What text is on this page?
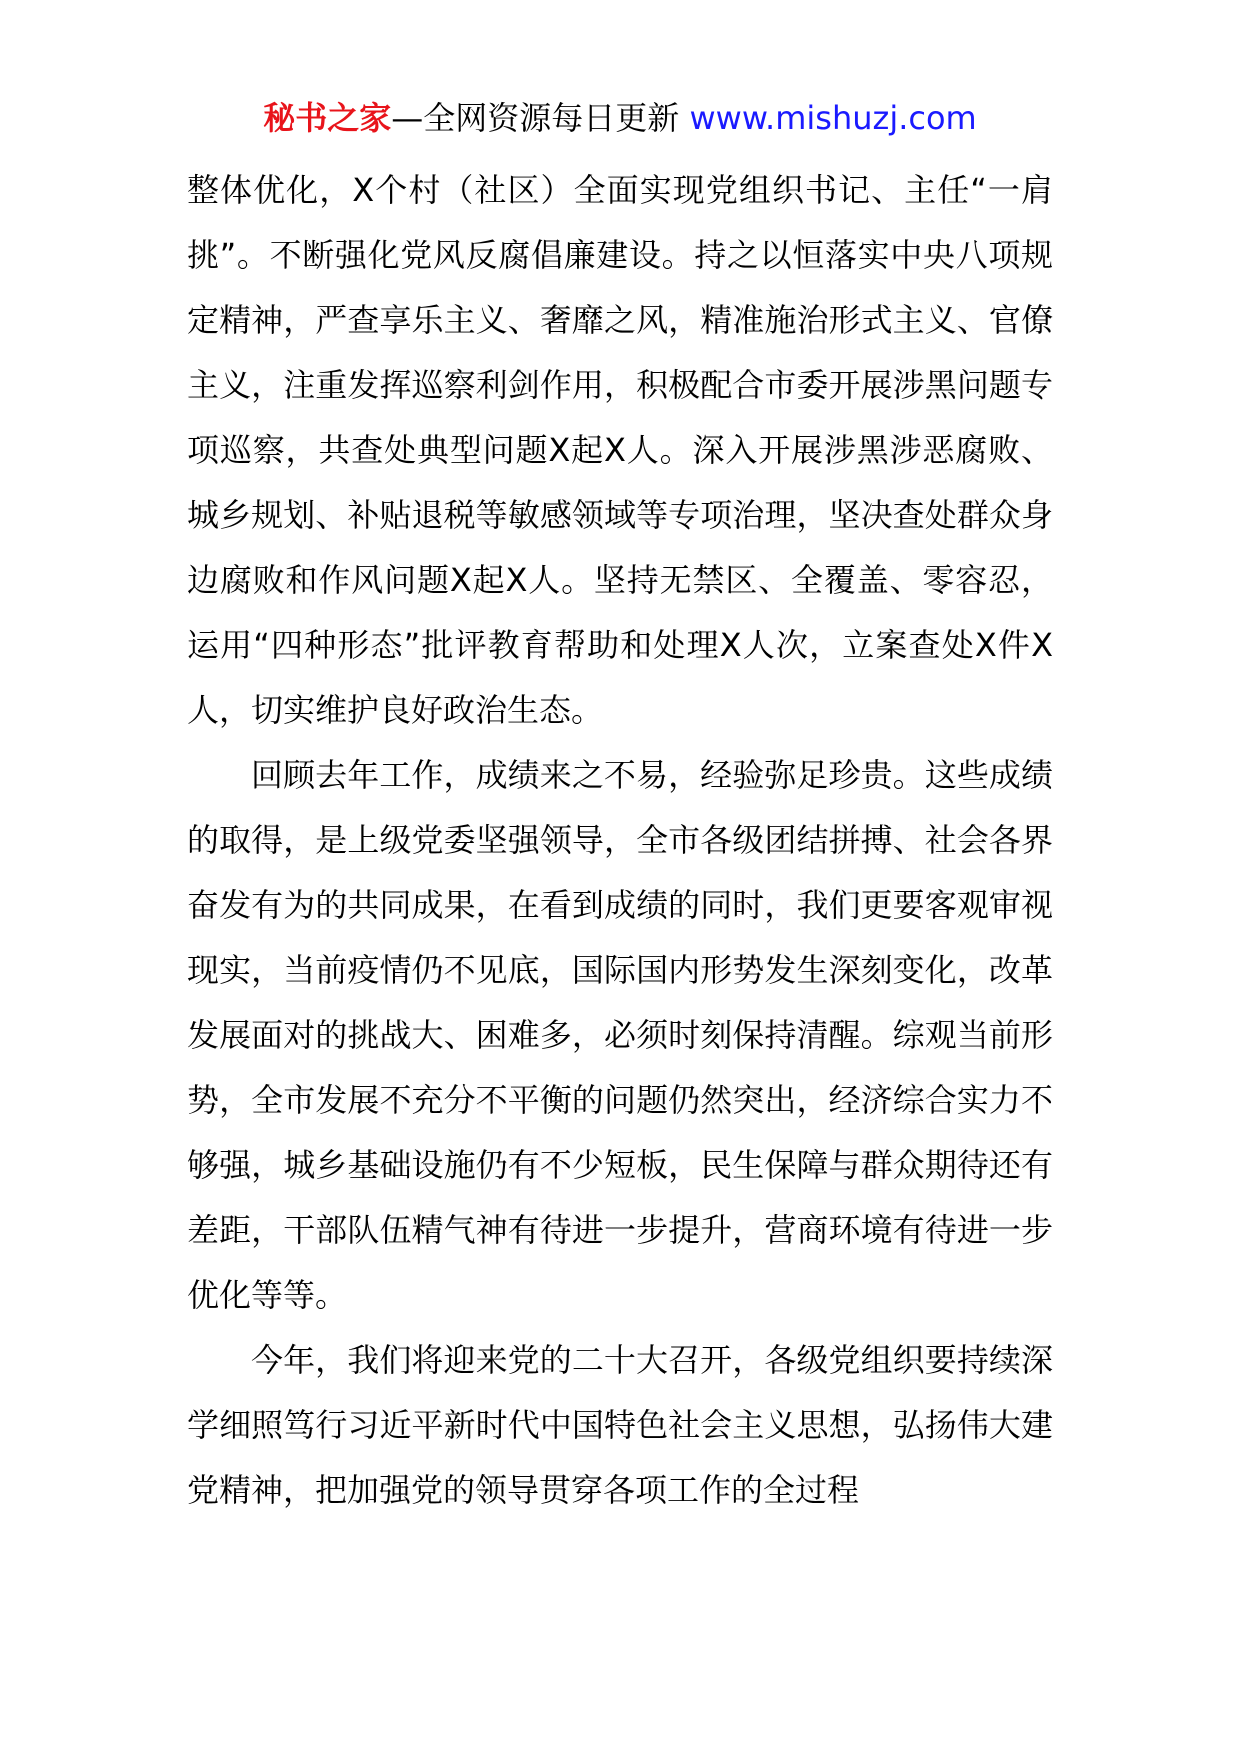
秘书之家—全网资源每日更新 www.mishuzj.com

整体优化，X个村（社区）全面实现党组织书记、主任“一肩挑”。不断强化党风反腐倡廉建设。持之以恒落实中央八项规定精神，严查享乐主义、奢靡之风，精准施治形式主义、官僚主义，注重发挥巡察利剑作用，积极配合市委开展涉黑问题专项巡察，共查处典型问题X起X人。深入开展涉黑涉恶腐败、城乡规划、补贴退税等敏感领域等专项治理，坚决查处群众身边腐败和作风问题X起X人。坚持无禁区、全覆盖、零容忍，运用“四种形态”批评教育帮助和处理X人次，立案查处X件X人，切实维护良好政治生态。

回顾去年工作，成绩来之不易，经验弥足珍贵。这些成绩的取得，是上级党委坚强领导，全市各级团结拼搏、社会各界奋发有为的共同成果，在看到成绩的同时，我们更要客观审视现实，当前疫情仍不见底，国际国内形势发生深刻变化，改革发展面对的挑战大、困难多，必须时刻保持清醒。综观当前形势，全市发展不充分不平衡的问题仍然突出，经济综合实力不够强，城乡基础设施仍有不少短板，民生保障与群众期待还有差距，干部队伍精气神有待进一步提升，营商环境有待进一步优化等等。

今年，我们将迎来党的二十大召开，各级党组织要持续深学细照笃行习近平新时代中国特色社会主义思想，弘扬伟大建党精神，把加强党的领导贯穿各项工作的全过程
